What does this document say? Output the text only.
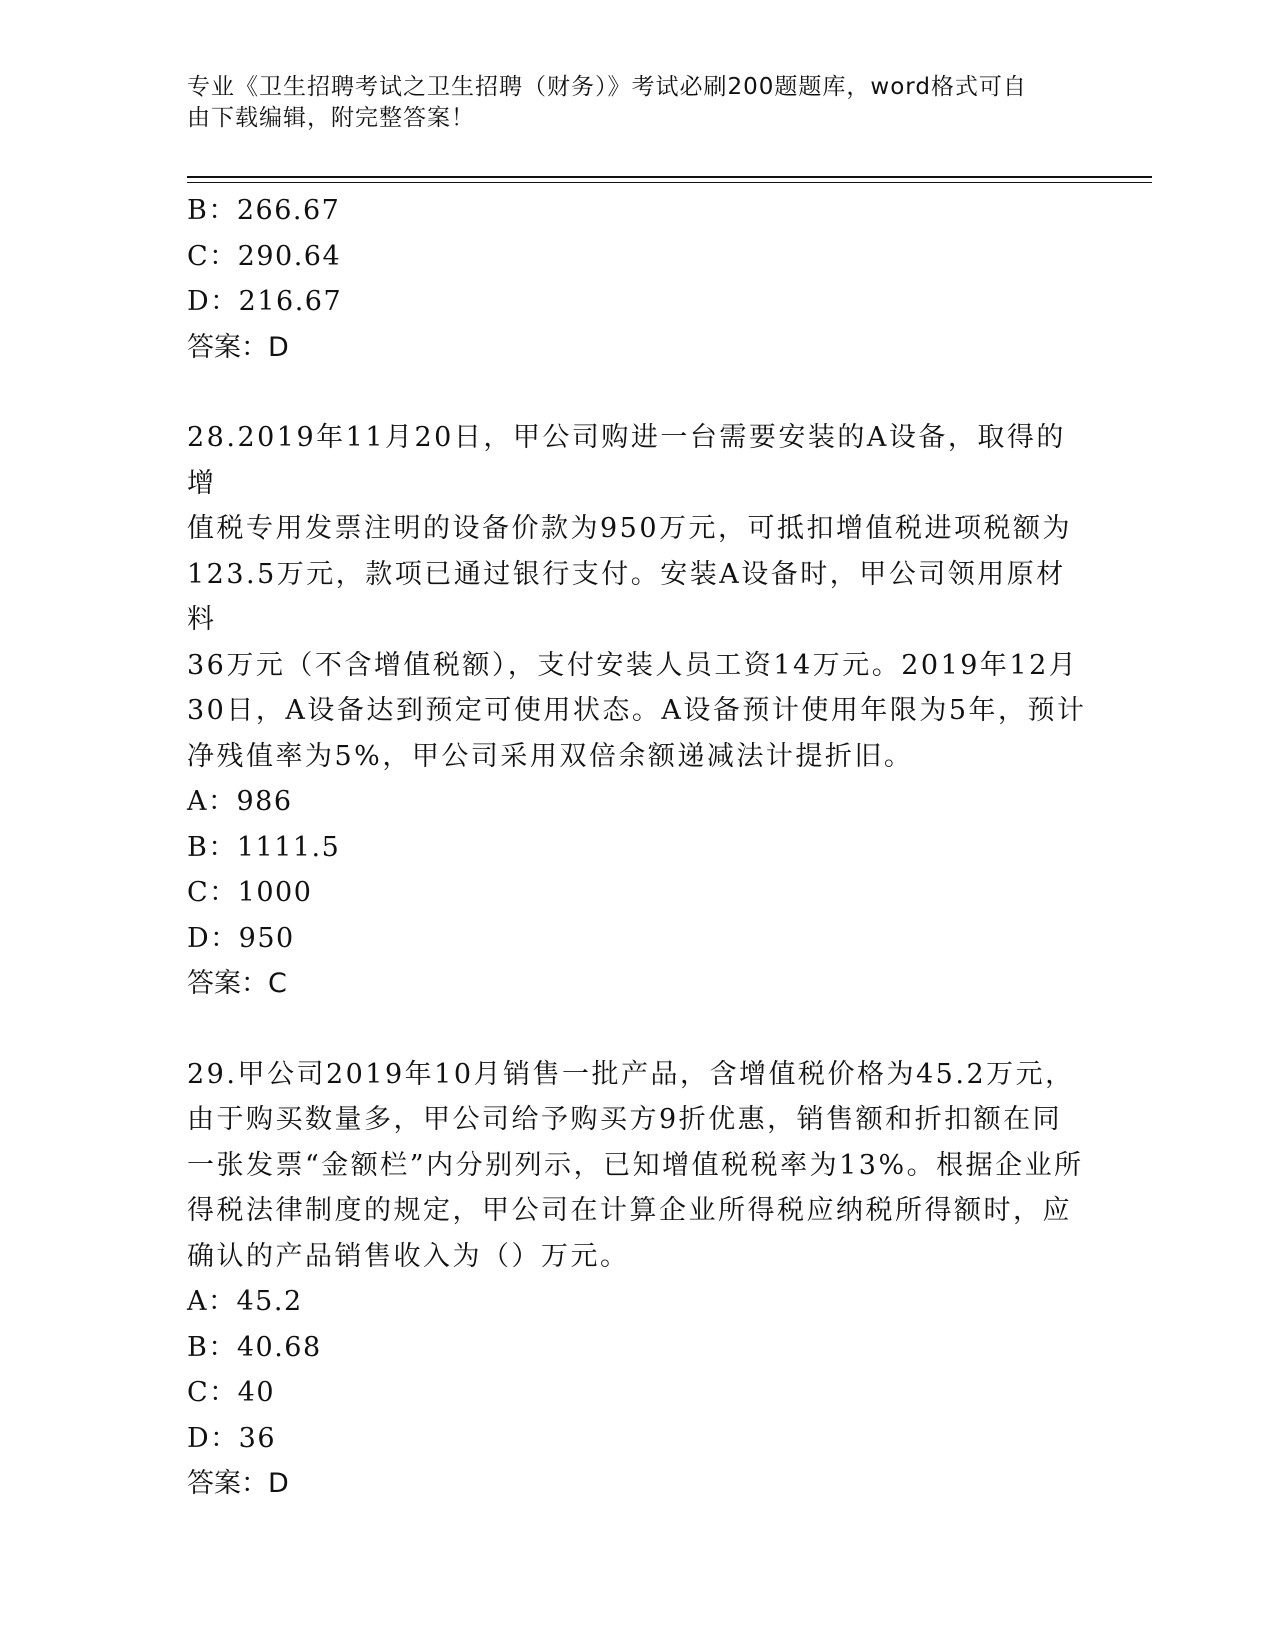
专业《卫生招聘考试之卫生招聘（财务）》考试必刷200题题库，word格式可自
由下载编辑，附完整答案！
B：266.67
C：290.64
D：216.67
答案：D
28.2019年11月20日，甲公司购进一台需要安装的A设备，取得的增
值税专用发票注明的设备价款为950万元，可抵扣增值税进项税额为
123.5万元，款项已通过银行支付。安装A设备时，甲公司领用原材料
36万元（不含增值税额），支付安装人员工资14万元。2019年12月
30日，A设备达到预定可使用状态。A设备预计使用年限为5年，预计
净残值率为5%，甲公司采用双倍余额递减法计提折旧。
A：986
B：1111.5
C：1000
D：950
答案：C
29.甲公司2019年10月销售一批产品，含增值税价格为45.2万元，
由于购买数量多，甲公司给予购买方9折优惠，销售额和折扣额在同
一张发票“金额栏”内分别列示，已知增值税税率为13%。根据企业所
得税法律制度的规定，甲公司在计算企业所得税应纳税所得额时，应
确认的产品销售收入为（）万元。
A：45.2
B：40.68
C：40
D：36
答案：D
